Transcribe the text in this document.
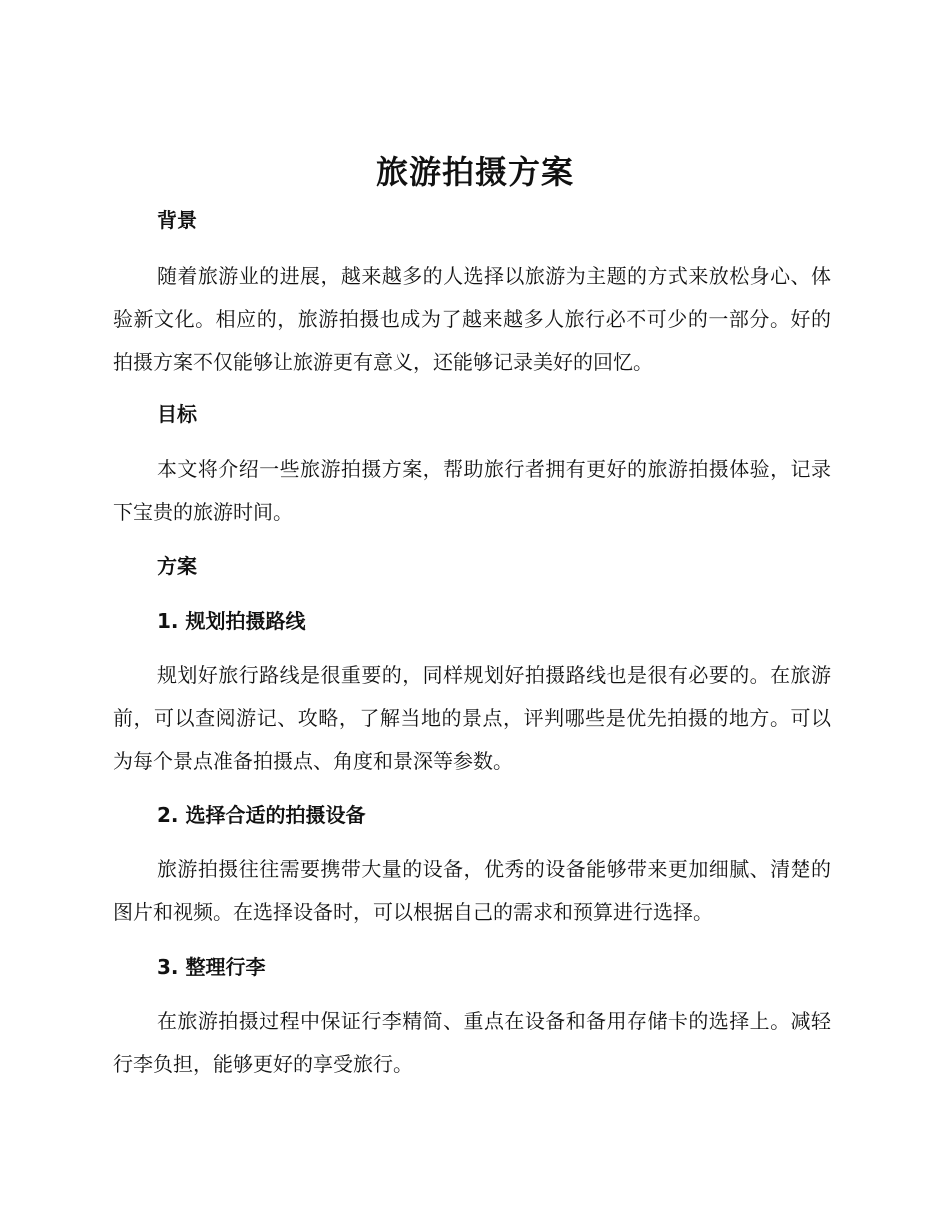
旅游拍摄方案
背景

随着旅游业的进展，越来越多的人选择以旅游为主题的方式来放松身心、体验新文化。相应的，旅游拍摄也成为了越来越多人旅行必不可少的一部分。好的拍摄方案不仅能够让旅游更有意义，还能够记录美好的回忆。

目标

本文将介绍一些旅游拍摄方案，帮助旅行者拥有更好的旅游拍摄体验，记录下宝贵的旅游时间。

方案
1. 规划拍摄路线

规划好旅行路线是很重要的，同样规划好拍摄路线也是很有必要的。在旅游前，可以查阅游记、攻略，了解当地的景点，评判哪些是优先拍摄的地方。可以为每个景点准备拍摄点、角度和景深等参数。

2. 选择合适的拍摄设备

旅游拍摄往往需要携带大量的设备，优秀的设备能够带来更加细腻、清楚的图片和视频。在选择设备时，可以根据自己的需求和预算进行选择。

3. 整理行李

在旅游拍摄过程中保证行李精简、重点在设备和备用存储卡的选择上。减轻行李负担，能够更好的享受旅行。
